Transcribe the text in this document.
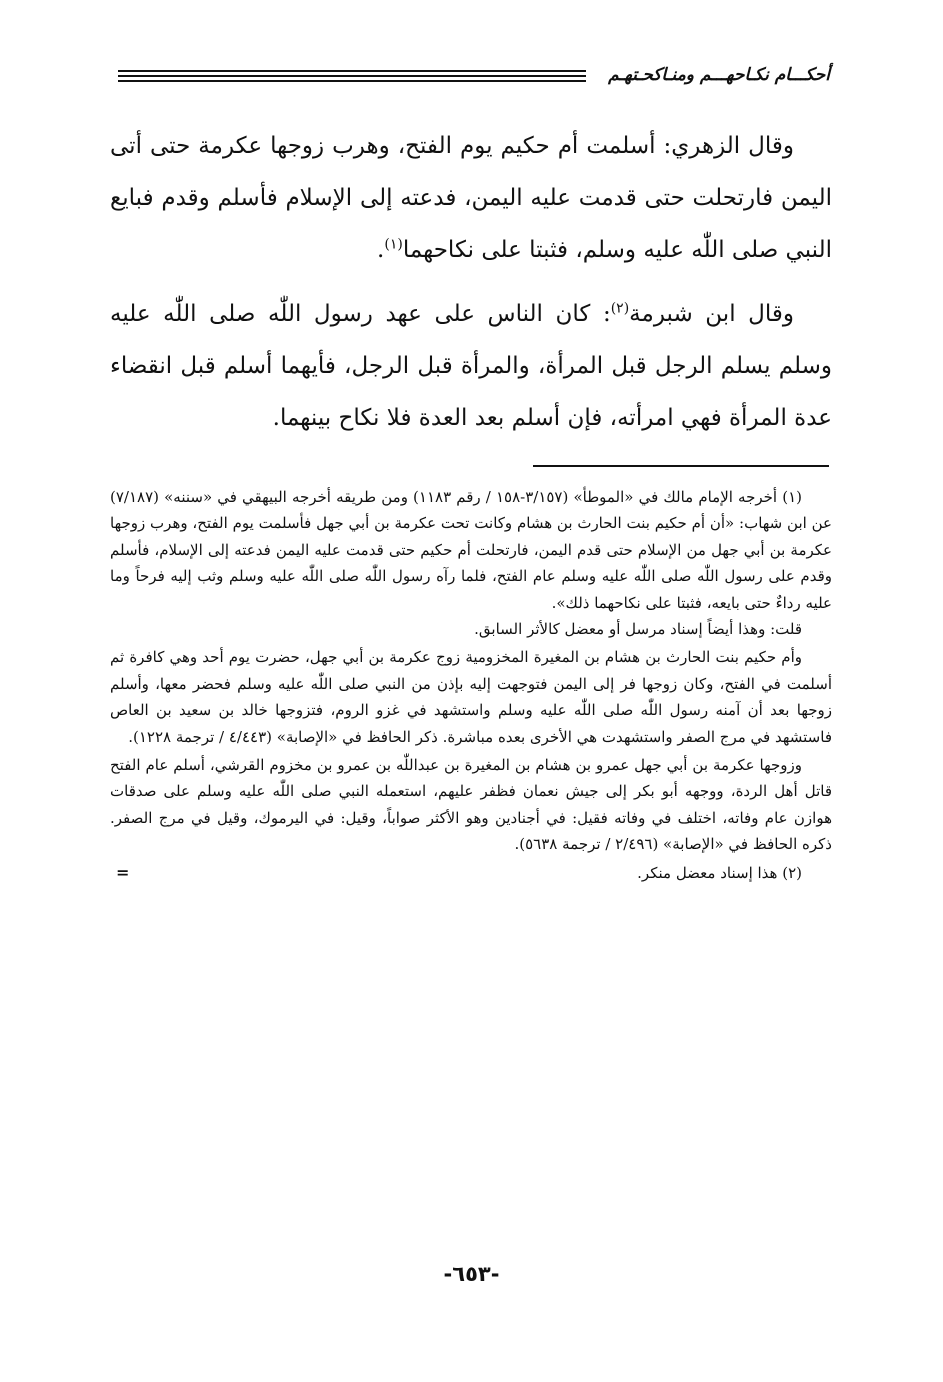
أحكـــام نكـاحهـــم ومنـاكحـتهـم

وقال الزهري: أسلمت أم حكيم يوم الفتح، وهرب زوجها عكرمة حتى أتى اليمن فارتحلت حتى قدمت عليه اليمن، فدعته إلى الإسلام فأسلم وقدم فبايع النبي صلى اللّٰه عليه وسلم، فثبتا على نكاحهما$^{(١)}$.

وقال ابن شبرمة$^{(٢)}$: كان الناس على عهد رسول اللّٰه صلى اللّٰه عليه وسلم يسلم الرجل قبل المرأة، والمرأة قبل الرجل، فأيهما أسلم قبل انقضاء عدة المرأة فهي امرأته، فإن أسلم بعد العدة فلا نكاح بينهما.

(١) أخرجه الإمام مالك في «الموطأ» (٣/١٥٧-١٥٨ / رقم ١١٨٣) ومن طريقه أخرجه البيهقي في «سننه» (٧/١٨٧) عن ابن شهاب: «أن أم حكيم بنت الحارث بن هشام وكانت تحت عكرمة بن أبي جهل فأسلمت يوم الفتح، وهرب زوجها عكرمة بن أبي جهل من الإسلام حتى قدم اليمن، فارتحلت أم حكيم حتى قدمت عليه اليمن فدعته إلى الإسلام، فأسلم وقدم على رسول اللّٰه صلى اللّٰه عليه وسلم عام الفتح، فلما رآه رسول اللّٰه صلى اللّٰه عليه وسلم وثب إليه فرحاً وما عليه رداءٌ حتى بايعه، فثبتا على نكاحهما ذلك».

قلت: وهذا أيضاً إسناد مرسل أو معضل كالأثر السابق.

وأم حكيم بنت الحارث بن هشام بن المغيرة المخزومية زوج عكرمة بن أبي جهل، حضرت يوم أحد وهي كافرة ثم أسلمت في الفتح، وكان زوجها فر إلى اليمن فتوجهت إليه بإذن من النبي صلى اللّٰه عليه وسلم فحضر معها، وأسلم زوجها بعد أن آمنه رسول اللّٰه صلى اللّٰه عليه وسلم واستشهد في غزو الروم، فتزوجها خالد بن سعيد بن العاص فاستشهد في مرج الصفر واستشهدت هي الأخرى بعده مباشرة. ذكر الحافظ في «الإصابة» (٤/٤٤٣ / ترجمة ١٢٢٨).

وزوجها عكرمة بن أبي جهل عمرو بن هشام بن المغيرة بن عبداللّٰه بن عمرو بن مخزوم القرشي، أسلم عام الفتح قاتل أهل الردة، ووجهه أبو بكر إلى جيش نعمان فظفر عليهم، استعمله النبي صلى اللّٰه عليه وسلم على صدقات هوازن عام وفاته، اختلف في وفاته فقيل: في أجنادين وهو الأكثر صواباً، وقيل: في اليرموك، وقيل في مرج الصفر. ذكره الحافظ في «الإصابة» (٢/٤٩٦ / ترجمة ٥٦٣٨).

(٢) هذا إسناد معضل منكر.

=
-٦٥٣-
